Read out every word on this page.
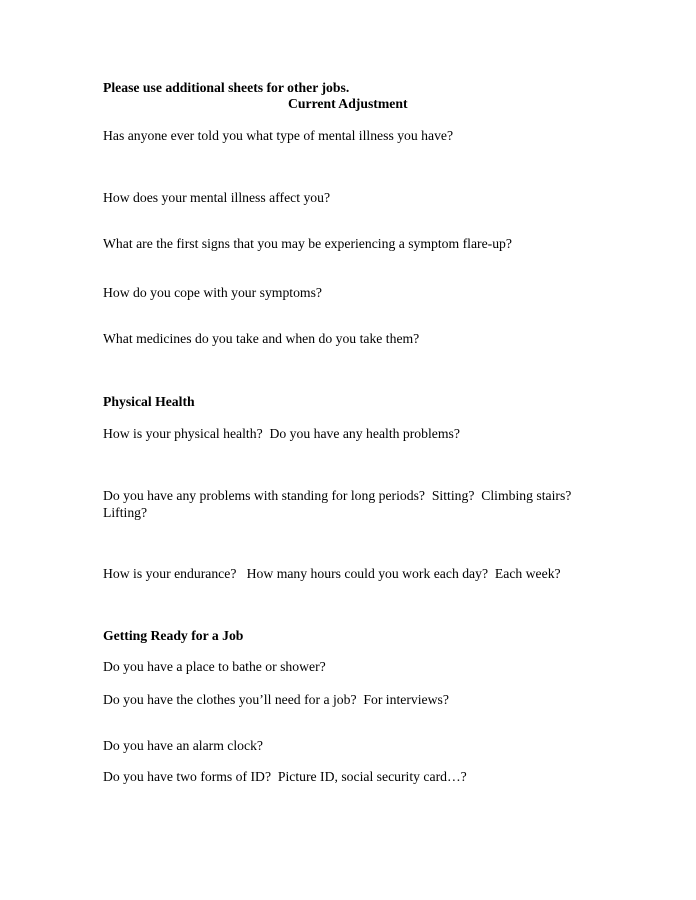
Please use additional sheets for other jobs.

Current Adjustment

Has anyone ever told you what type of mental illness you have?

How does your mental illness affect you?

What are the first signs that you may be experiencing a symptom flare-up?

How do you cope with your symptoms?

What medicines do you take and when do you take them?

Physical Health

How is your physical health?  Do you have any health problems?

Do you have any problems with standing for long periods?  Sitting?  Climbing stairs?  Lifting?

How is your endurance?   How many hours could you work each day?  Each week?

Getting Ready for a Job

Do you have a place to bathe or shower?

Do you have the clothes you’ll need for a job?  For interviews?

Do you have an alarm clock?

Do you have two forms of ID?  Picture ID, social security card…?
